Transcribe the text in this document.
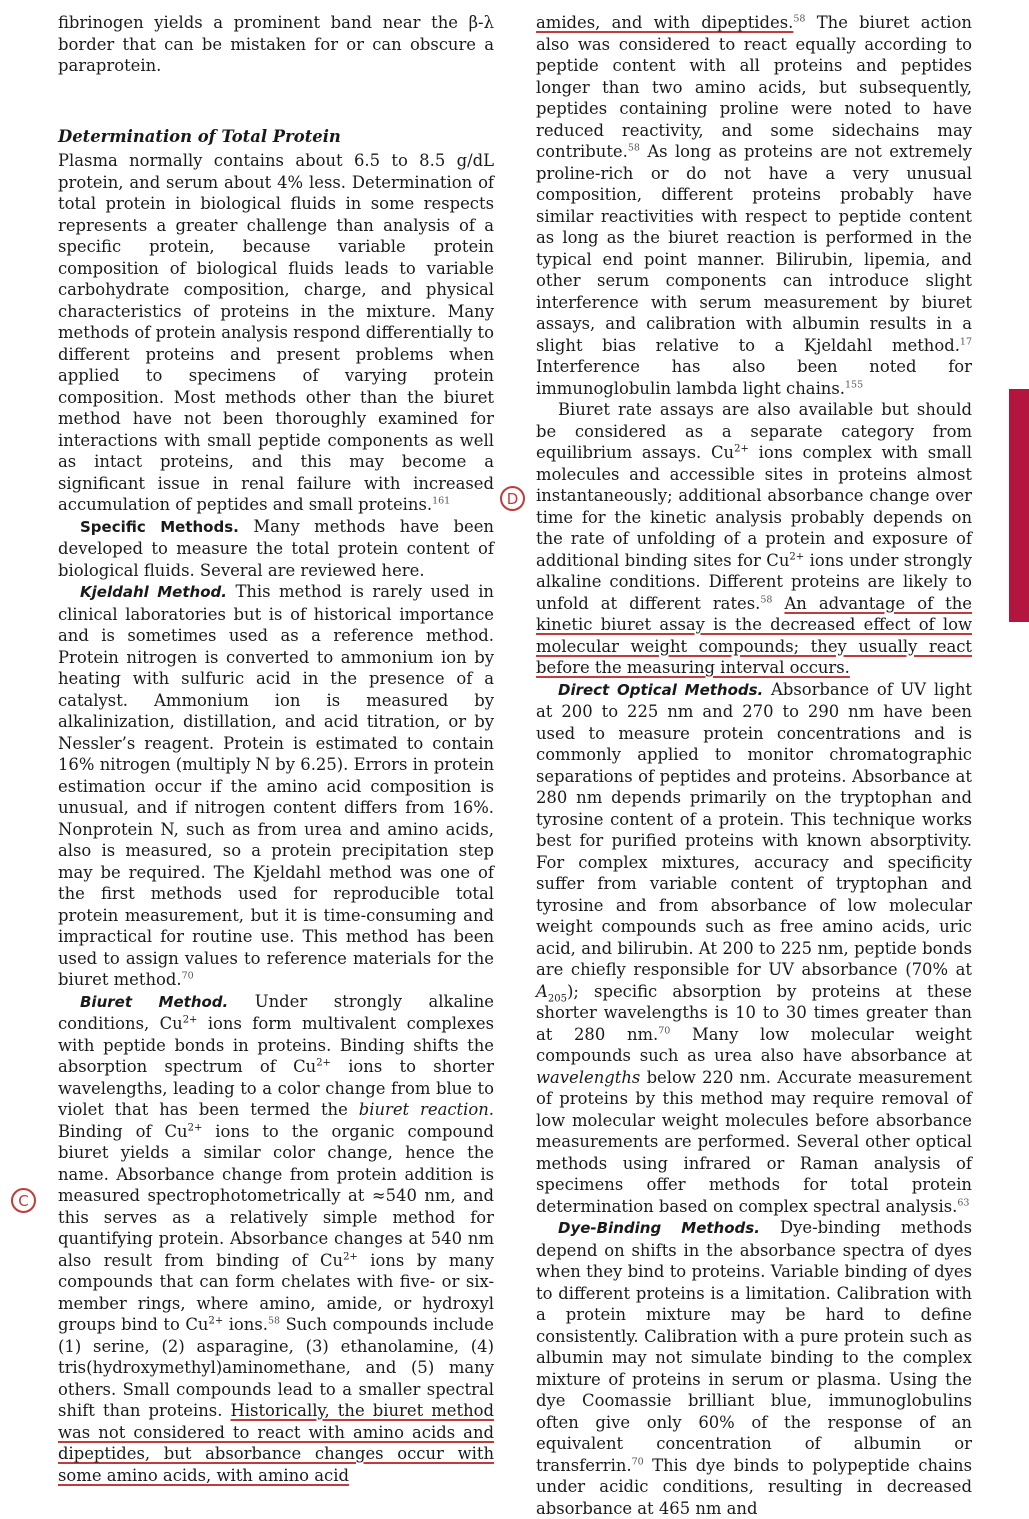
fibrinogen yields a prominent band near the β-λ border that can be mistaken for or can obscure a paraprotein.

Determination of Total Protein

Plasma normally contains about 6.5 to 8.5 g/dL protein, and serum about 4% less. Determination of total protein in biological fluids in some respects represents a greater challenge than analysis of a specific protein, because variable protein composition of biological fluids leads to variable carbohydrate composition, charge, and physical characteristics of proteins in the mixture. Many methods of protein analysis respond differentially to different proteins and present problems when applied to specimens of varying protein composition. Most methods other than the biuret method have not been thoroughly examined for interactions with small peptide components as well as intact proteins, and this may become a significant issue in renal failure with increased accumulation of peptides and small proteins.$^{161}$

Specific Methods. Many methods have been developed to measure the total protein content of biological fluids. Several are reviewed here.

Kjeldahl Method. This method is rarely used in clinical laboratories but is of historical importance and is sometimes used as a reference method. Protein nitrogen is converted to ammonium ion by heating with sulfuric acid in the presence of a catalyst. Ammonium ion is measured by alkalinization, distillation, and acid titration, or by Nessler’s reagent. Protein is estimated to contain 16% nitrogen (multiply N by 6.25). Errors in protein estimation occur if the amino acid composition is unusual, and if nitrogen content differs from 16%. Nonprotein N, such as from urea and amino acids, also is measured, so a protein precipitation step may be required. The Kjeldahl method was one of the first methods used for reproducible total protein measurement, but it is time-consuming and impractical for routine use. This method has been used to assign values to reference materials for the biuret method.$^{70}$

Biuret Method. Under strongly alkaline conditions, $Cu^{2+}$ ions form multivalent complexes with peptide bonds in proteins. Binding shifts the absorption spectrum of $Cu^{2+}$ ions to shorter wavelengths, leading to a color change from blue to violet that has been termed the biuret reaction. Binding of $Cu^{2+}$ ions to the organic compound biuret yields a similar color change, hence the name. Absorbance change from protein addition is measured spectrophotometrically at ≈540 nm, and this serves as a relatively simple method for quantifying protein. Absorbance changes at 540 nm also result from binding of $Cu^{2+}$ ions by many compounds that can form chelates with five- or six-member rings, where amino, amide, or hydroxyl groups bind to $Cu^{2+}$ ions.$^{58}$ Such compounds include (1) serine, (2) asparagine, (3) ethanolamine, (4) tris(hydroxymethyl)aminomethane, and (5) many others. Small compounds lead to a smaller spectral shift than proteins. Historically, the biuret method was not considered to react with amino acids and dipeptides, but absorbance changes occur with some amino acids, with amino acid

amides, and with dipeptides.$^{58}$ The biuret action also was considered to react equally according to peptide content with all proteins and peptides longer than two amino acids, but subsequently, peptides containing proline were noted to have reduced reactivity, and some sidechains may contribute.$^{58}$ As long as proteins are not extremely proline-rich or do not have a very unusual composition, different proteins probably have similar reactivities with respect to peptide content as long as the biuret reaction is performed in the typical end point manner. Bilirubin, lipemia, and other serum components can introduce slight interference with serum measurement by biuret assays, and calibration with albumin results in a slight bias relative to a Kjeldahl method.$^{17}$ Interference has also been noted for immunoglobulin lambda light chains.$^{155}$

Biuret rate assays are also available but should be considered as a separate category from equilibrium assays. $Cu^{2+}$ ions complex with small molecules and accessible sites in proteins almost instantaneously; additional absorbance change over time for the kinetic analysis probably depends on the rate of unfolding of a protein and exposure of additional binding sites for $Cu^{2+}$ ions under strongly alkaline conditions. Different proteins are likely to unfold at different rates.$^{58}$ An advantage of the kinetic biuret assay is the decreased effect of low molecular weight compounds; they usually react before the measuring interval occurs.

Direct Optical Methods. Absorbance of UV light at 200 to 225 nm and 270 to 290 nm have been used to measure protein concentrations and is commonly applied to monitor chromatographic separations of peptides and proteins. Absorbance at 280 nm depends primarily on the tryptophan and tyrosine content of a protein. This technique works best for purified proteins with known absorptivity. For complex mixtures, accuracy and specificity suffer from variable content of tryptophan and tyrosine and from absorbance of low molecular weight compounds such as free amino acids, uric acid, and bilirubin. At 200 to 225 nm, peptide bonds are chiefly responsible for UV absorbance (70% at $A_{205}$); specific absorption by proteins at these shorter wavelengths is 10 to 30 times greater than at 280 nm.$^{70}$ Many low molecular weight compounds such as urea also have absorbance at wavelengths below 220 nm. Accurate measurement of proteins by this method may require removal of low molecular weight molecules before absorbance measurements are performed. Several other optical methods using infrared or Raman analysis of specimens offer methods for total protein determination based on complex spectral analysis.$^{63}$

Dye-Binding Methods. Dye-binding methods depend on shifts in the absorbance spectra of dyes when they bind to proteins. Variable binding of dyes to different proteins is a limitation. Calibration with a protein mixture may be hard to define consistently. Calibration with a pure protein such as albumin may not simulate binding to the complex mixture of proteins in serum or plasma. Using the dye Coomassie brilliant blue, immunoglobulins often give only 60% of the response of an equivalent concentration of albumin or transferrin.$^{70}$ This dye binds to polypeptide chains under acidic conditions, resulting in decreased absorbance at 465 nm and

D
C
